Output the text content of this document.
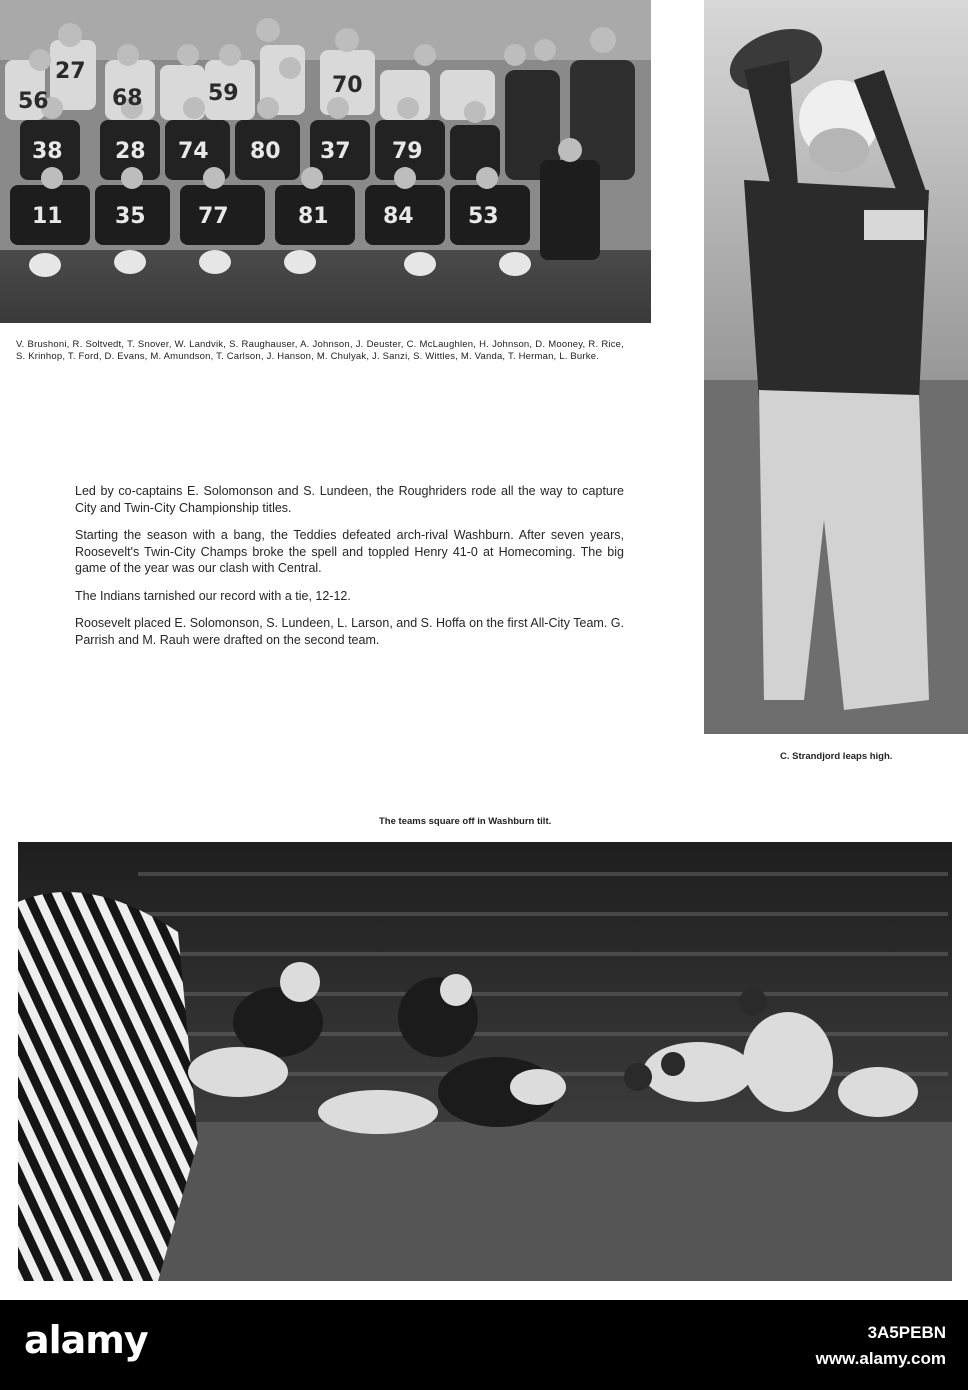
38 28 74 80 37 79
11 35 77	81 84 53
56	68	59	70
27
V. Brushoni, R. Soltvedt, T. Snover, W. Landvik, S. Raughauser, A. Johnson, J. Deuster, C. McLaughlen, H. Johnson, D. Mooney, R. Rice, S. Krinhop, T. Ford, D. Evans, M. Amundson, T. Carlson, J. Hanson, M. Chulyak, J. Sanzi, S. Wittles, M. Vanda, T. Herman, L. Burke.
C. Strandjord leaps high.

Led by co-captains E. Solomonson and S. Lundeen, the Roughriders rode all the way to capture City and Twin-City Championship titles.

Starting the season with a bang, the Teddies defeated arch-rival Washburn. After seven years, Roosevelt's Twin-City Champs broke the spell and toppled Henry 41-0 at Homecoming. The big game of the year was our clash with Central.

The Indians tarnished our record with a tie, 12-12.

Roosevelt placed E. Solomonson, S. Lundeen, L. Larson, and S. Hoffa on the first All-City Team. G. Parrish and M. Rauh were drafted on the second team.

The teams square off in Washburn tilt.
alamy	3A5PEBN
www.alamy.com
